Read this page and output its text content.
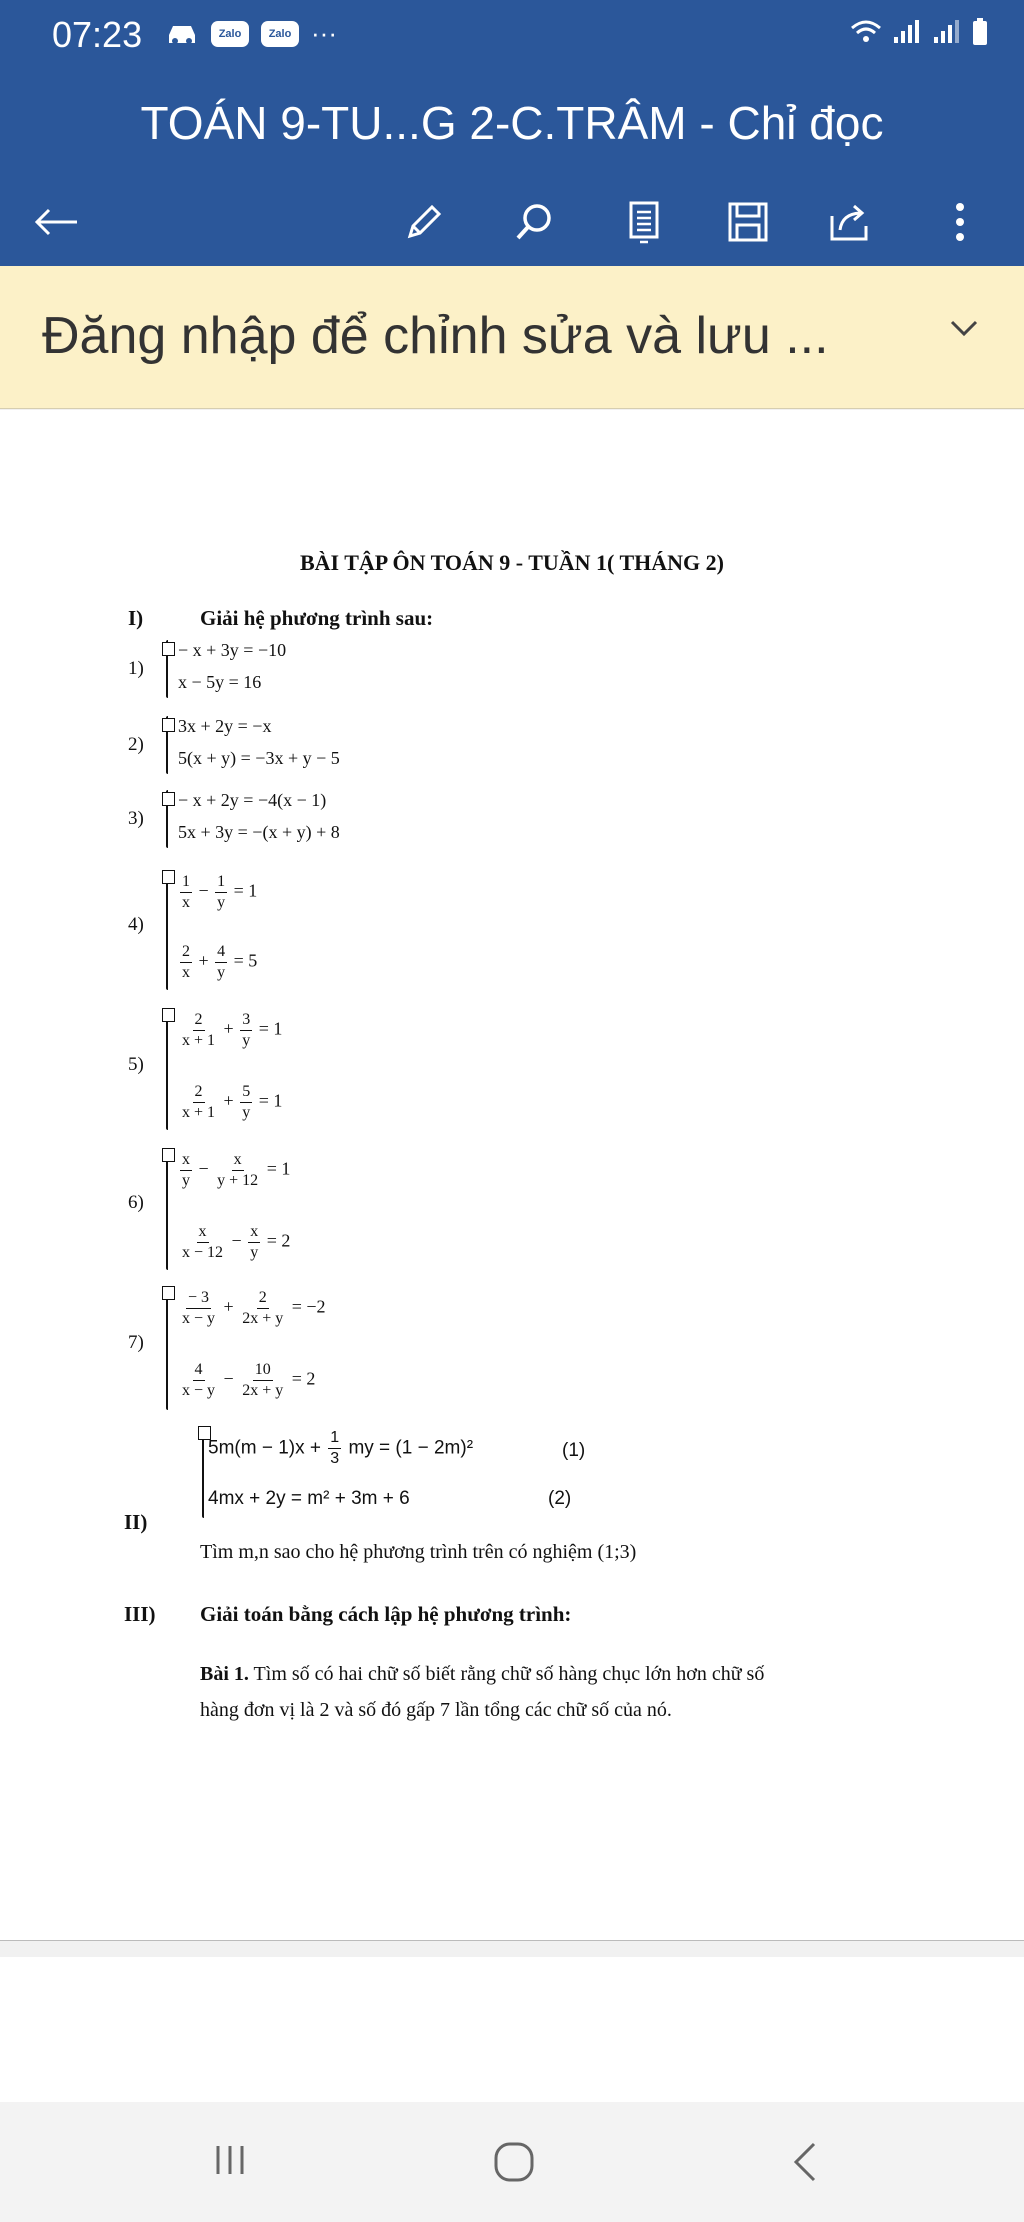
07:23	Zalo	Zalo ···
TOÁN 9-TU...G 2-C.TRÂM - Chỉ đọc
Đăng nhập để chỉnh sửa và lưu ...
BÀI TẬP ÔN TOÁN 9 - TUẦN 1( THÁNG 2)
I)	Giải hệ phương trình sau:
1)
− x + 3y = −10
x − 5y = 16
2)
3x + 2y = −x
5(x + y) = −3x + y − 5
3)
− x + 2y = −4(x − 1)
5x + 3y = −(x + y) + 8
4)
$\frac{1}{x} - \frac{1}{y} = 1$
$\frac{2}{x} + \frac{4}{y} = 5$
5)
$\frac{2}{x + 1} + \frac{3}{y} = 1$
$\frac{2}{x + 1} + \frac{5}{y} = 1$
6)
$\frac{x}{y} - \frac{x}{y + 12} = 1$
$\frac{x}{x - 12} - \frac{x}{y} = 2$
7)
$\frac{- 3}{x - y} + \frac{2}{2x + y} = -2$
$\frac{4}{x - y} - \frac{10}{2x + y} = 2$
$5m(m - 1)x + \frac{1}{3}$ my = (1 − 2m)²	(1)
4mx + 2y = m² + 3m + 6	(2)
II)
Tìm m,n sao cho hệ phương trình trên có nghiệm (1;3)
III) Giải toán bằng cách lập hệ phương trình:
Bài 1. Tìm số có hai chữ số biết rằng chữ số hàng chục lớn hơn chữ số
hàng đơn vị là 2 và số đó gấp 7 lần tổng các chữ số của nó.
